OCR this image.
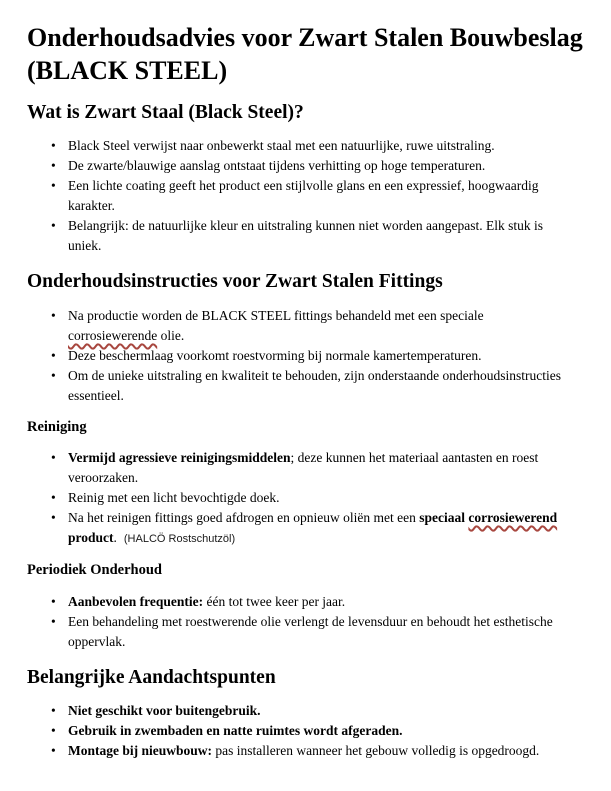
Onderhoudsadvies voor Zwart Stalen Bouwbeslag (BLACK STEEL)
Wat is Zwart Staal (Black Steel)?
• Black Steel verwijst naar onbewerkt staal met een natuurlijke, ruwe uitstraling.
• De zwarte/blauwige aanslag ontstaat tijdens verhitting op hoge temperaturen.
• Een lichte coating geeft het product een stijlvolle glans en een expressief, hoogwaardig karakter.
• Belangrijk: de natuurlijke kleur en uitstraling kunnen niet worden aangepast. Elk stuk is uniek.
Onderhoudsinstructies voor Zwart Stalen Fittings
• Na productie worden de BLACK STEEL fittings behandeld met een speciale corrosiewerende olie.
• Deze beschermlaag voorkomt roestvorming bij normale kamertemperaturen.
• Om de unieke uitstraling en kwaliteit te behouden, zijn onderstaande onderhoudsinstructies essentieel.
Reiniging
• Vermijd agressieve reinigingsmiddelen; deze kunnen het materiaal aantasten en roest veroorzaken.
• Reinig met een licht bevochtigde doek.
• Na het reinigen fittings goed afdrogen en opnieuw oliën met een speciaal corrosiewerend product. (HALCÖ Rostschutzöl)
Periodiek Onderhoud
• Aanbevolen frequentie: één tot twee keer per jaar.
• Een behandeling met roestwerende olie verlengt de levensduur en behoudt het esthetische oppervlak.
Belangrijke Aandachtspunten
• Niet geschikt voor buitengebruik.
• Gebruik in zwembaden en natte ruimtes wordt afgeraden.
• Montage bij nieuwbouw: pas installeren wanneer het gebouw volledig is opgedroogd.
